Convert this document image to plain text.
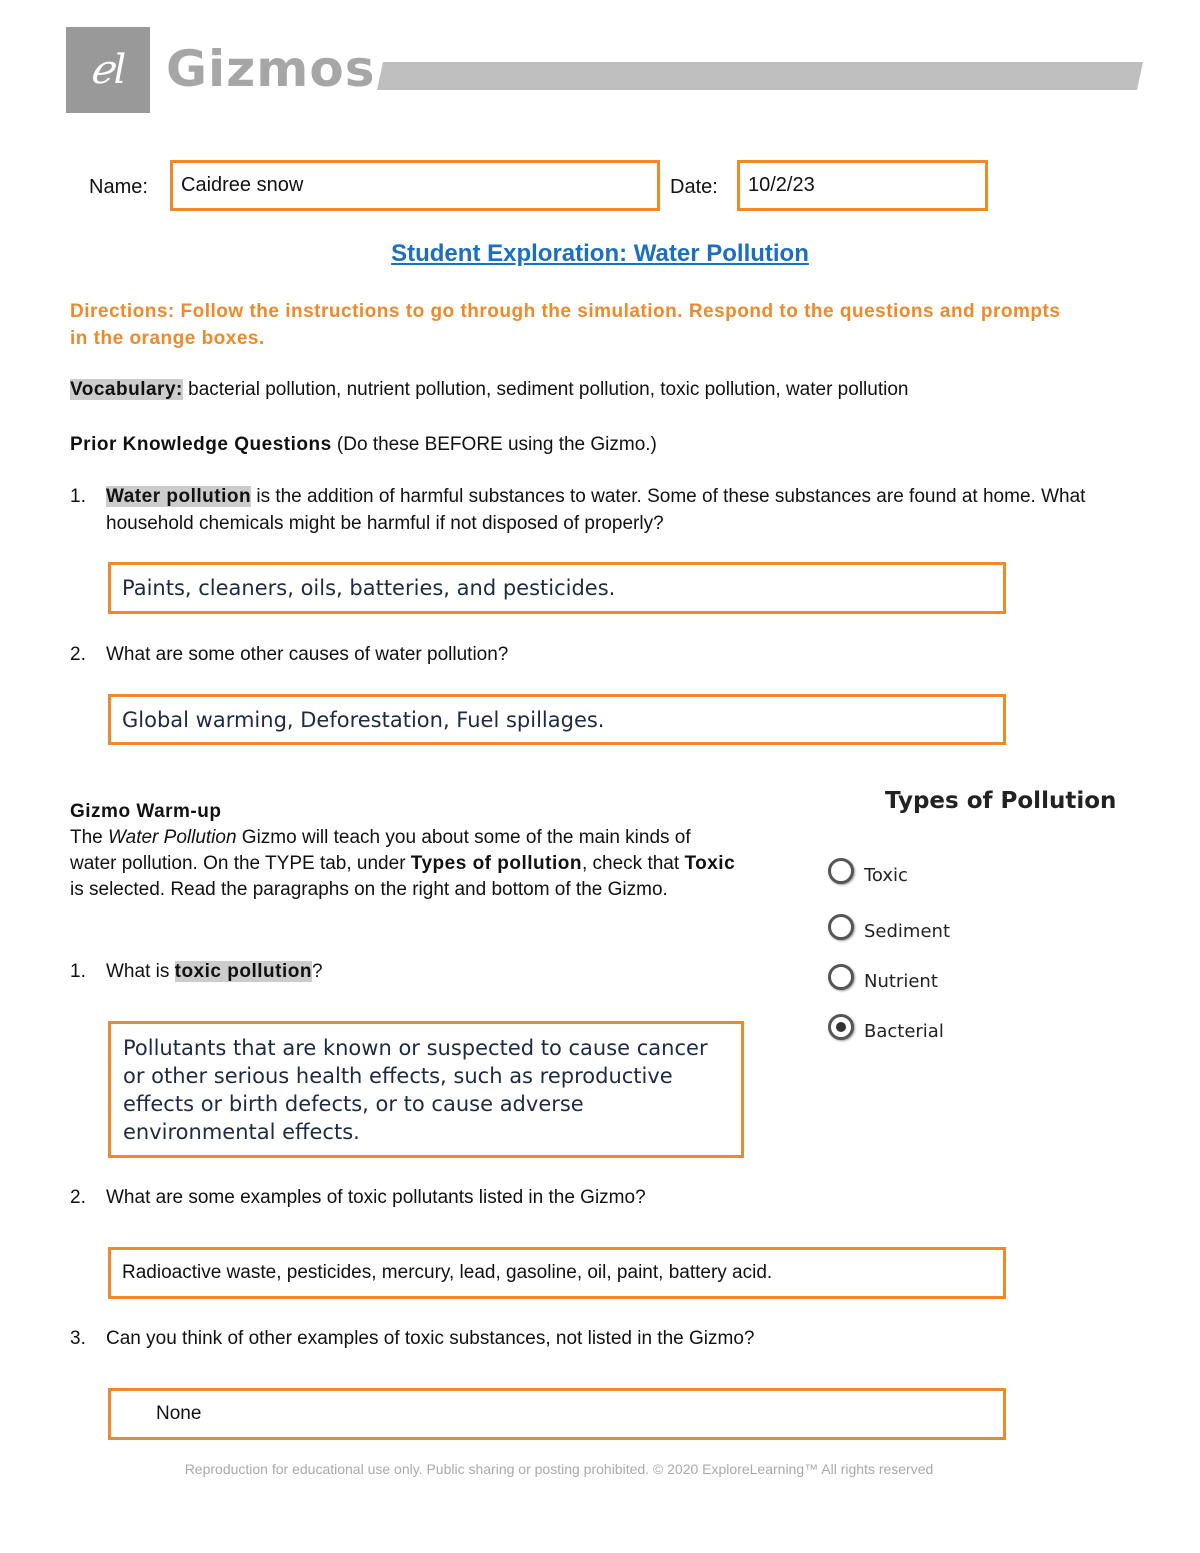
ℯl Gizmos
Name:	Caidree snow	Date:	10/2/23
Student Exploration: Water Pollution
Directions: Follow the instructions to go through the simulation. Respond to the questions and prompts in the orange boxes.
Vocabulary: bacterial pollution, nutrient pollution, sediment pollution, toxic pollution, water pollution
Prior Knowledge Questions (Do these BEFORE using the Gizmo.)
1. Water pollution is the addition of harmful substances to water. Some of these substances are found at home. What household chemicals might be harmful if not disposed of properly?
Paints, cleaners, oils, batteries, and pesticides.
2. What are some other causes of water pollution?
Global warming, Deforestation, Fuel spillages.
Gizmo Warm-up
The Water Pollution Gizmo will teach you about some of the main kinds of water pollution. On the TYPE tab, under Types of pollution, check that Toxic is selected. Read the paragraphs on the right and bottom of the Gizmo.
1. What is toxic pollution?
Pollutants that are known or suspected to cause cancer or other serious health effects, such as reproductive effects or birth defects, or to cause adverse environmental effects.
2. What are some examples of toxic pollutants listed in the Gizmo?
Radioactive waste, pesticides, mercury, lead, gasoline, oil, paint, battery acid.
3. Can you think of other examples of toxic substances, not listed in the Gizmo?
None
Types of Pollution
Toxic
Sediment
Nutrient
Bacterial
Reproduction for educational use only. Public sharing or posting prohibited. © 2020 ExploreLearning™ All rights reserved
